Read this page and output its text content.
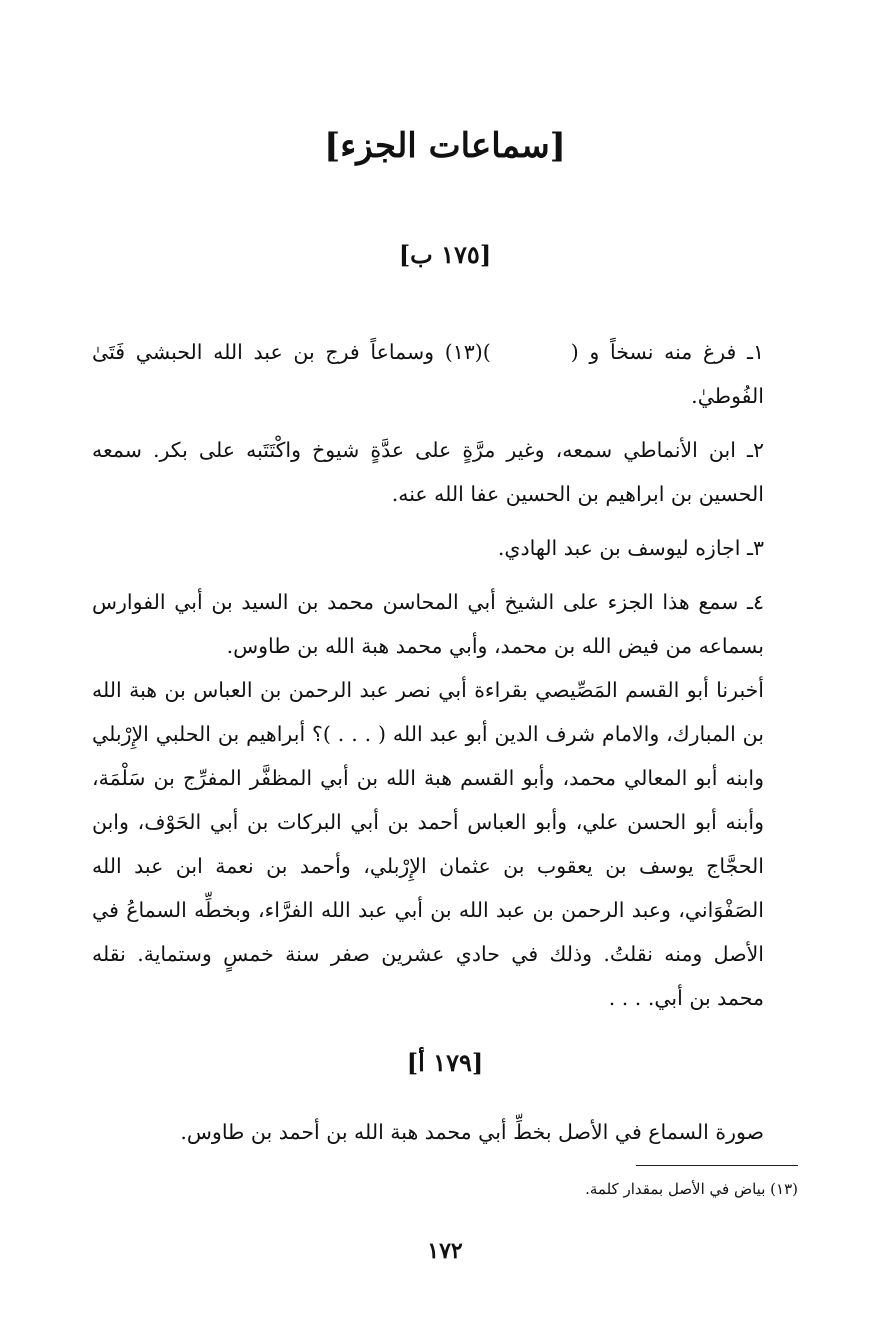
[سماعات الجزء]
[١٧٥ ب]
١ـ فرغ منه نسخاً و ()(١٣) وسماعاً فرج بن عبد الله الحبشي فَتَىٰ الفُوطيٰ.
٢ـ ابن الأنماطي سمعه، وغير مرَّةٍ على عدَّةٍ شيوخ واكْتَتَبه على بكر. سمعه الحسين بن ابراهيم بن الحسين عفا الله عنه.
٣ـ اجازه ليوسف بن عبد الهادي.
٤ـ سمع هذا الجزء على الشيخ أبي المحاسن محمد بن السيد بن أبي الفوارس بسماعه من فيض الله بن محمد، وأبي محمد هبة الله بن طاوس.
أخبرنا أبو القسم المَصِّيصي بقراءة أبي نصر عبد الرحمن بن العباس بن هبة الله بن المبارك، والامام شرف الدين أبو عبد الله ( . . . )؟ أبراهيم بن الحلبي الإِرْبلي وابنه أبو المعالي محمد، وأبو القسم هبة الله بن أبي المظفَّر المفرِّج بن سَلْمَة، وأبنه أبو الحسن علي، وأبو العباس أحمد بن أبي البركات بن أبي الحَوْف، وابن الحجَّاج يوسف بن يعقوب بن عثمان الإِرْبلي، وأحمد بن نعمة ابن عبد الله الصَفْوَاني، وعبد الرحمن بن عبد الله بن أبي عبد الله الفرَّاء، وبخطِّه السماعُ في الأصل ومنه نقلتُ. وذلك في حادي عشرين صفر سنة خمسٍ وستماية. نقله محمد بن أبي. . . .
[١٧٩ أ]
صورة السماع في الأصل بخطِّ أبي محمد هبة الله بن أحمد بن طاوس.
(١٣) بياض في الأصل بمقدار كلمة.
١٧٢
